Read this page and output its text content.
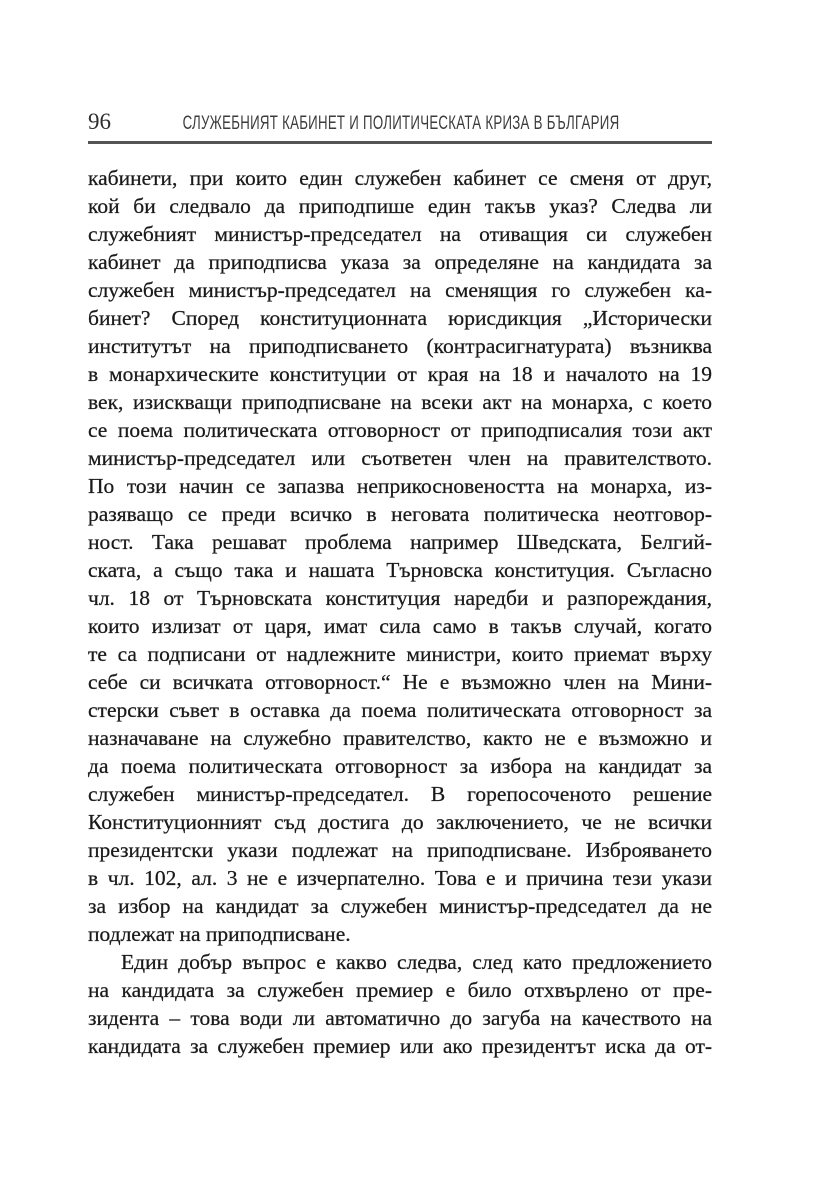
96	СЛУЖЕБНИЯТ КАБИНЕТ И ПОЛИТИЧЕСКАТА КРИЗА В БЪЛГАРИЯ
кабинети, при които един служебен кабинет се сменя от друг,
кой би следвало да приподпише един такъв указ? Следва ли
служебният министър-председател на отиващия си служебен
кабинет да приподписва указа за определяне на кандидата за
служебен министър-председател на сменящия го служебен ка-
бинет? Според конституционната юрисдикция „Исторически
институтът на приподписването (контрасигнатурата) възниква
в монархическите конституции от края на 18 и началото на 19
век, изискващи приподписване на всеки акт на монарха, с което
се поема политическата отговорност от приподписалия този акт
министър-председател или съответен член на правителството.
По този начин се запазва неприкосновеността на монарха, из-
разяващо се преди всичко в неговата политическа неотговор-
ност. Така решават проблема например Шведската, Белгий-
ската, а също така и нашата Търновска конституция. Съгласно
чл. 18 от Търновската конституция наредби и разпореждания,
които излизат от царя, имат сила само в такъв случай, когато
те са подписани от надлежните министри, които приемат върху
себе си всичката отговорност.“ Не е възможно член на Мини-
стерски съвет в оставка да поема политическата отговорност за
назначаване на служебно правителство, както не е възможно и
да поема политическата отговорност за избора на кандидат за
служебен министър-председател. В горепосоченото решение
Конституционният съд достига до заключението, че не всички
президентски укази подлежат на приподписване. Изброяването
в чл. 102, ал. 3 не е изчерпателно. Това е и причина тези укази
за избор на кандидат за служебен министър-председател да не
подлежат на приподписване.
Един добър въпрос е какво следва, след като предложението
на кандидата за служебен премиер е било отхвърлено от пре-
зидента – това води ли автоматично до загуба на качеството на
кандидата за служебен премиер или ако президентът иска да от-
